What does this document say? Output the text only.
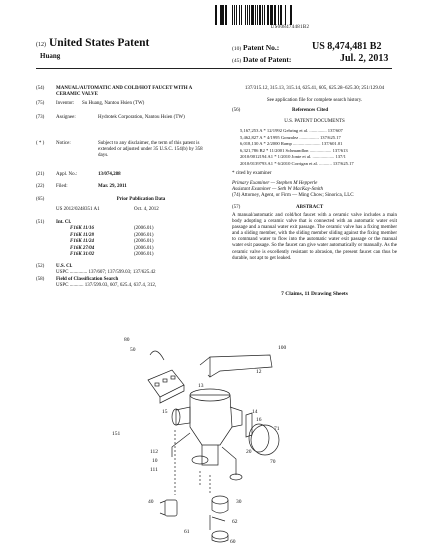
US008474481B2
(12) United States Patent
Huang
(10) Patent No.:	US 8,474,481 B2
(45) Date of Patent:	Jul. 2, 2013
(54) MANUAL/AUTOMATIC AND COLD/HOT FAUCET WITH A CERAMIC VALVE
(75) Inventor: Su Huang, Nantou Hsien (TW)
(73) Assignee:	Hydrotek Corporation, Nantou Hsien (TW)
( * ) Notice:	Subject to any disclaimer, the term of this patent is extended or adjusted under 35 U.S.C. 154(b) by 358 days.
(21) Appl. No.:	13/074,288
(22) Filed:	Mar. 29, 2011
(65)	Prior Publication Data
US 2012/0248351 A1	Oct. 4, 2012
(51) Int. Cl.
F16K 11/16	(2006.01)
F16K 11/28	(2006.01)
F16K 11/24	(2006.01)
F16K 27/04	(2006.01)
F16K 31/02	(2006.01)
(52) U.S. Cl.
USPC .............. 137/607; 137/599.03; 137/625.42
(58) Field of Classification Search
USPC ........... 137/599.03, 607, 625.4, 637.4, 312,
137/315.12, 315.13, 315.14, 625.41, 605, 625.28–625.30; 251/129.04
See application file for complete search history.
(56)	References Cited
U.S. PATENT DOCUMENTS
5,167,253 A * 12/1992 Gehring et al. ............... 137/607
5,462,827 A * 4/1995 Gonzalez ................. 137/625.17
6,018,130 A * 2/2000 Ramp ........................ 137/601.01
6,321,786 B2 * 11/2001 Schmandlon ................... 137/613
2010/0012194 A1 * 1/2010 Jonte et al. ................... 137/1
2010/0139793 A1 * 6/2010 Corrigan et al. ........... 137/625.17
* cited by examiner
Primary Examiner — Stephen M Hepperle
Assistant Examiner — Seth W MacKay-Smith
(74) Attorney, Agent, or Firm — Ming Chow; Sinorica, LLC
(57)	ABSTRACT
A manual/automatic and cold/hot faucet with a ceramic valve includes a main body adopting a ceramic valve that is connected with an automatic water exit passage and a manual water exit passage. The ceramic valve has a fixing member and a sliding member, with the sliding member sliding against the fixing member to command water to flow into the automatic water exit passage or the manual water exit passage. So the faucet can give water automatically or manually. As the ceramic valve is excellently resistant to abrasion, the present faucet can thus be durable, not apt to get leaked.
7 Claims, 11 Drawing Sheets
80
50	100
12
13
151
15	14
16
71
112
10
111
20
70
40	30
62
61
60
